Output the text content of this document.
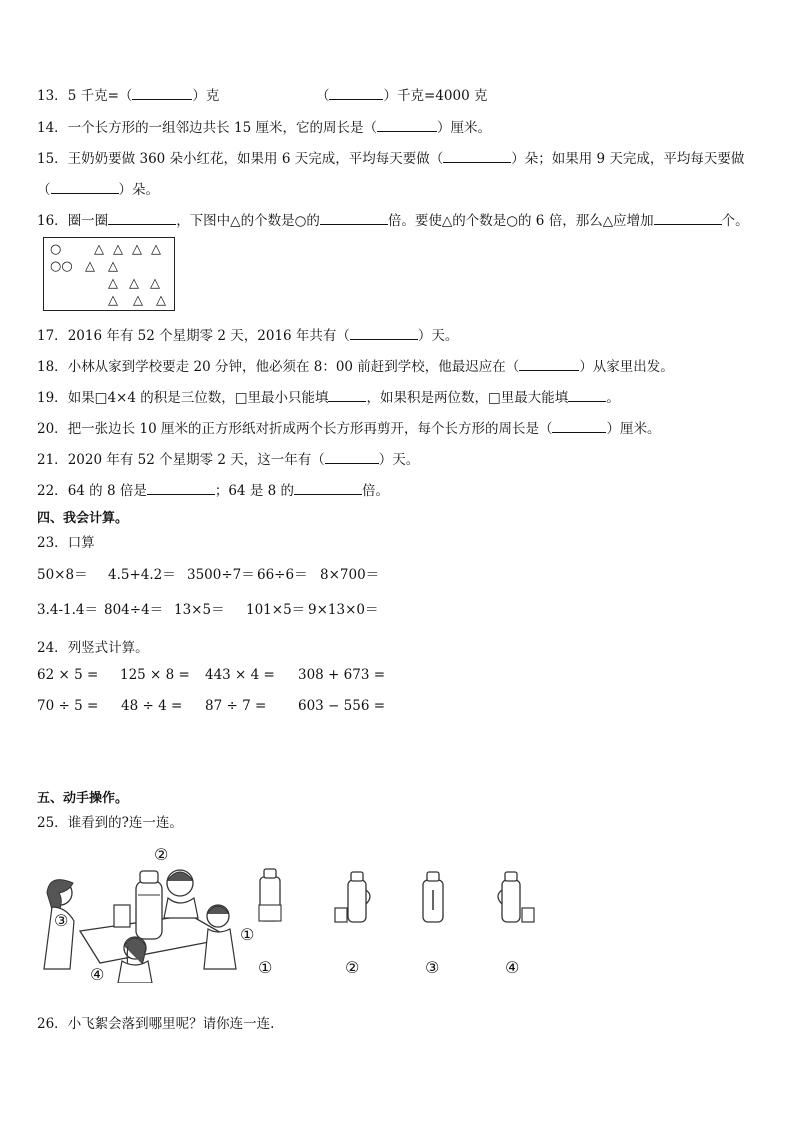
13．5 千克=（	）克	（	）千克=4000 克
14．一个长方形的一组邻边共长 15 厘米，它的周长是（	）厘米。
15．王奶奶要做 360 朵小红花，如果用 6 天完成，平均每天要做（	）朵；如果用 9 天完成，平均每天要做
（	）朵。
16．圈一圈	，下图中△的个数是○的	倍。要使△的个数是○的 6 倍，那么△应增加	个。
○	△ △ △ △
○○ △ △
△ △ △
△ △ △
17．2016 年有 52 个星期零 2 天，2016 年共有（	）天。
18．小林从家到学校要走 20 分钟，他必须在 8：00 前赶到学校，他最迟应在（	）从家里出发。
19．如果□4×4 的积是三位数，□里最小只能填	，如果积是两位数，□里最大能填	。
20．把一张边长 10 厘米的正方形纸对折成两个长方形再剪开，每个长方形的周长是（	）厘米。
21．2020 年有 52 个星期零 2 天，这一年有（	）天。
22．64 的 8 倍是	；64 是 8 的	倍。
四、我会计算。
23．口算
50×8＝ 4.5+4.2＝ 3500÷7＝ 66÷6＝ 8×700＝
3.4-1.4＝ 804÷4＝ 13×5＝ 101×5＝ 9×13×0＝
24．列竖式计算。
62 × 5 = 125 × 8 = 443 × 4 = 308 + 673 =
70 ÷ 5 = 48 ÷ 4 = 87 ÷ 7 = 603 − 556 =
五、动手操作。
25．谁看到的?连一连。
②
③
①
④	①	②	③	④
26．小飞絮会落到哪里呢？请你连一连.
